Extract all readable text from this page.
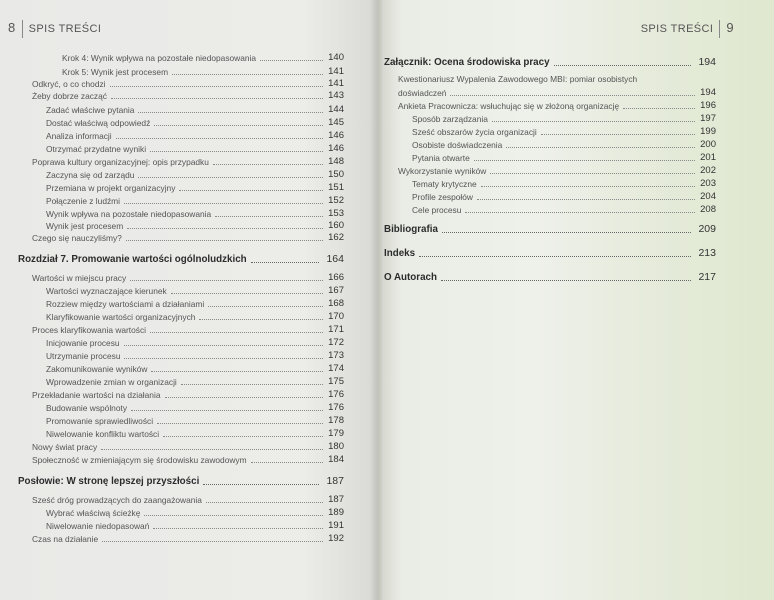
8 SPIS TREŚCI
Krok 4: Wynik wpływa na pozostałe niedopasowania	140
Krok 5: Wynik jest procesem	141
Odkryć, o co chodzi	141
Żeby dobrze zacząć	143
Zadać właściwe pytania	144
Dostać właściwą odpowiedź	145
Analiza informacji	146
Otrzymać przydatne wyniki	146
Poprawa kultury organizacyjnej: opis przypadku	148
Zaczyna się od zarządu	150
Przemiana w projekt organizacyjny	151
Połączenie z ludźmi	152
Wynik wpływa na pozostałe niedopasowania	153
Wynik jest procesem	160
Czego się nauczyliśmy?	162
Rozdział 7. Promowanie wartości ogólnoludzkich	164
Wartości w miejscu pracy	166
Wartości wyznaczające kierunek	167
Rozziew między wartościami a działaniami	168
Klaryfikowanie wartości organizacyjnych	170
Proces klaryfikowania wartości	171
Inicjowanie procesu	172
Utrzymanie procesu	173
Zakomunikowanie wyników	174
Wprowadzenie zmian w organizacji	175
Przekładanie wartości na działania	176
Budowanie wspólnoty	176
Promowanie sprawiedliwości	178
Niwelowanie konfliktu wartości	179
Nowy świat pracy	180
Społeczność w zmieniającym się środowisku zawodowym	184
Posłowie: W stronę lepszej przyszłości	187
Sześć dróg prowadzących do zaangażowania	187
Wybrać właściwą ścieżkę	189
Niwelowanie niedopasowań	191
Czas na działanie	192
SPIS TREŚCI 9
Załącznik: Ocena środowiska pracy	194
Kwestionariusz Wypalenia Zawodowego MBI: pomiar osobistych
doświadczeń	194
Ankieta Pracownicza: wsłuchując się w złożoną organizację	196
Sposób zarządzania	197
Sześć obszarów życia organizacji	199
Osobiste doświadczenia	200
Pytania otwarte	201
Wykorzystanie wyników	202
Tematy krytyczne	203
Profile zespołów	204
Cele procesu	208
Bibliografia	209
Indeks	213
O Autorach	217
